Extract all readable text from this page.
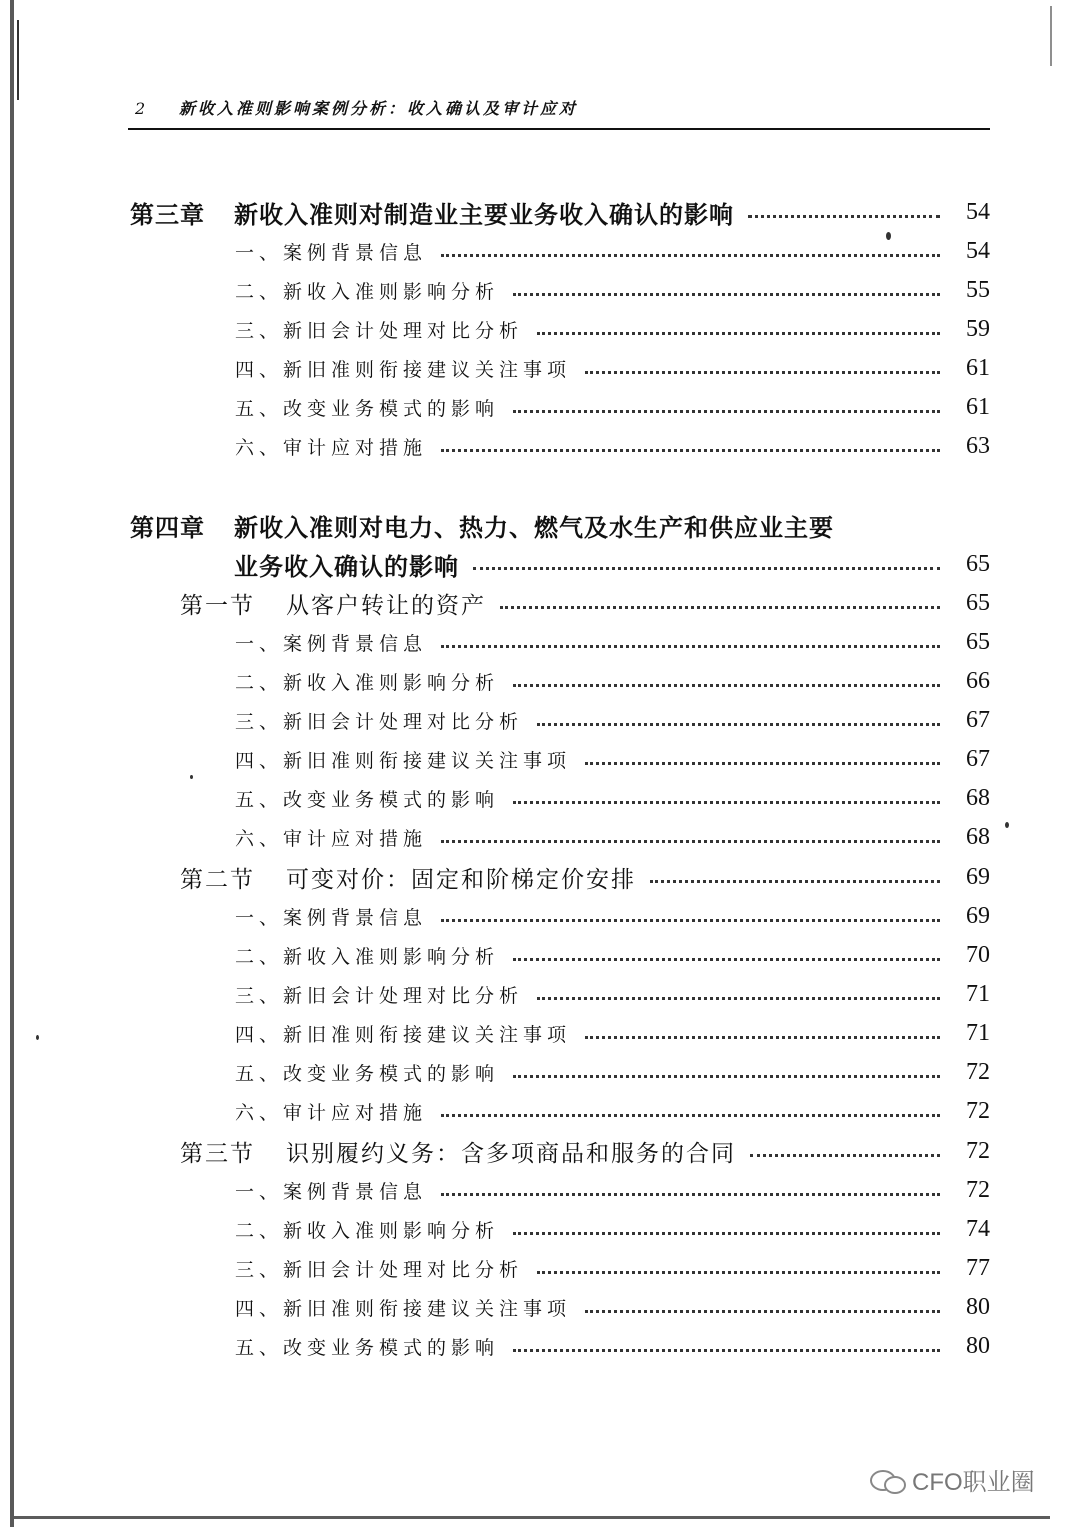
2 新收入准则影响案例分析：收入确认及审计应对
第三章 新收入准则对制造业主要业务收入确认的影响	54
一、案例背景信息	54
二、新收入准则影响分析	55
三、新旧会计处理对比分析	59
四、新旧准则衔接建议关注事项	61
五、改变业务模式的影响	61
六、审计应对措施	63
第四章 新收入准则对电力、热力、燃气及水生产和供应业主要
业务收入确认的影响	65
第一节 从客户转让的资产	65
一、案例背景信息	65
二、新收入准则影响分析	66
三、新旧会计处理对比分析	67
四、新旧准则衔接建议关注事项	67
五、改变业务模式的影响	68
六、审计应对措施	68
第二节 可变对价：固定和阶梯定价安排	69
一、案例背景信息	69
二、新收入准则影响分析	70
三、新旧会计处理对比分析	71
四、新旧准则衔接建议关注事项	71
五、改变业务模式的影响	72
六、审计应对措施	72
第三节 识别履约义务：含多项商品和服务的合同	72
一、案例背景信息	72
二、新收入准则影响分析	74
三、新旧会计处理对比分析	77
四、新旧准则衔接建议关注事项	80
五、改变业务模式的影响	80
CFO职业圈
